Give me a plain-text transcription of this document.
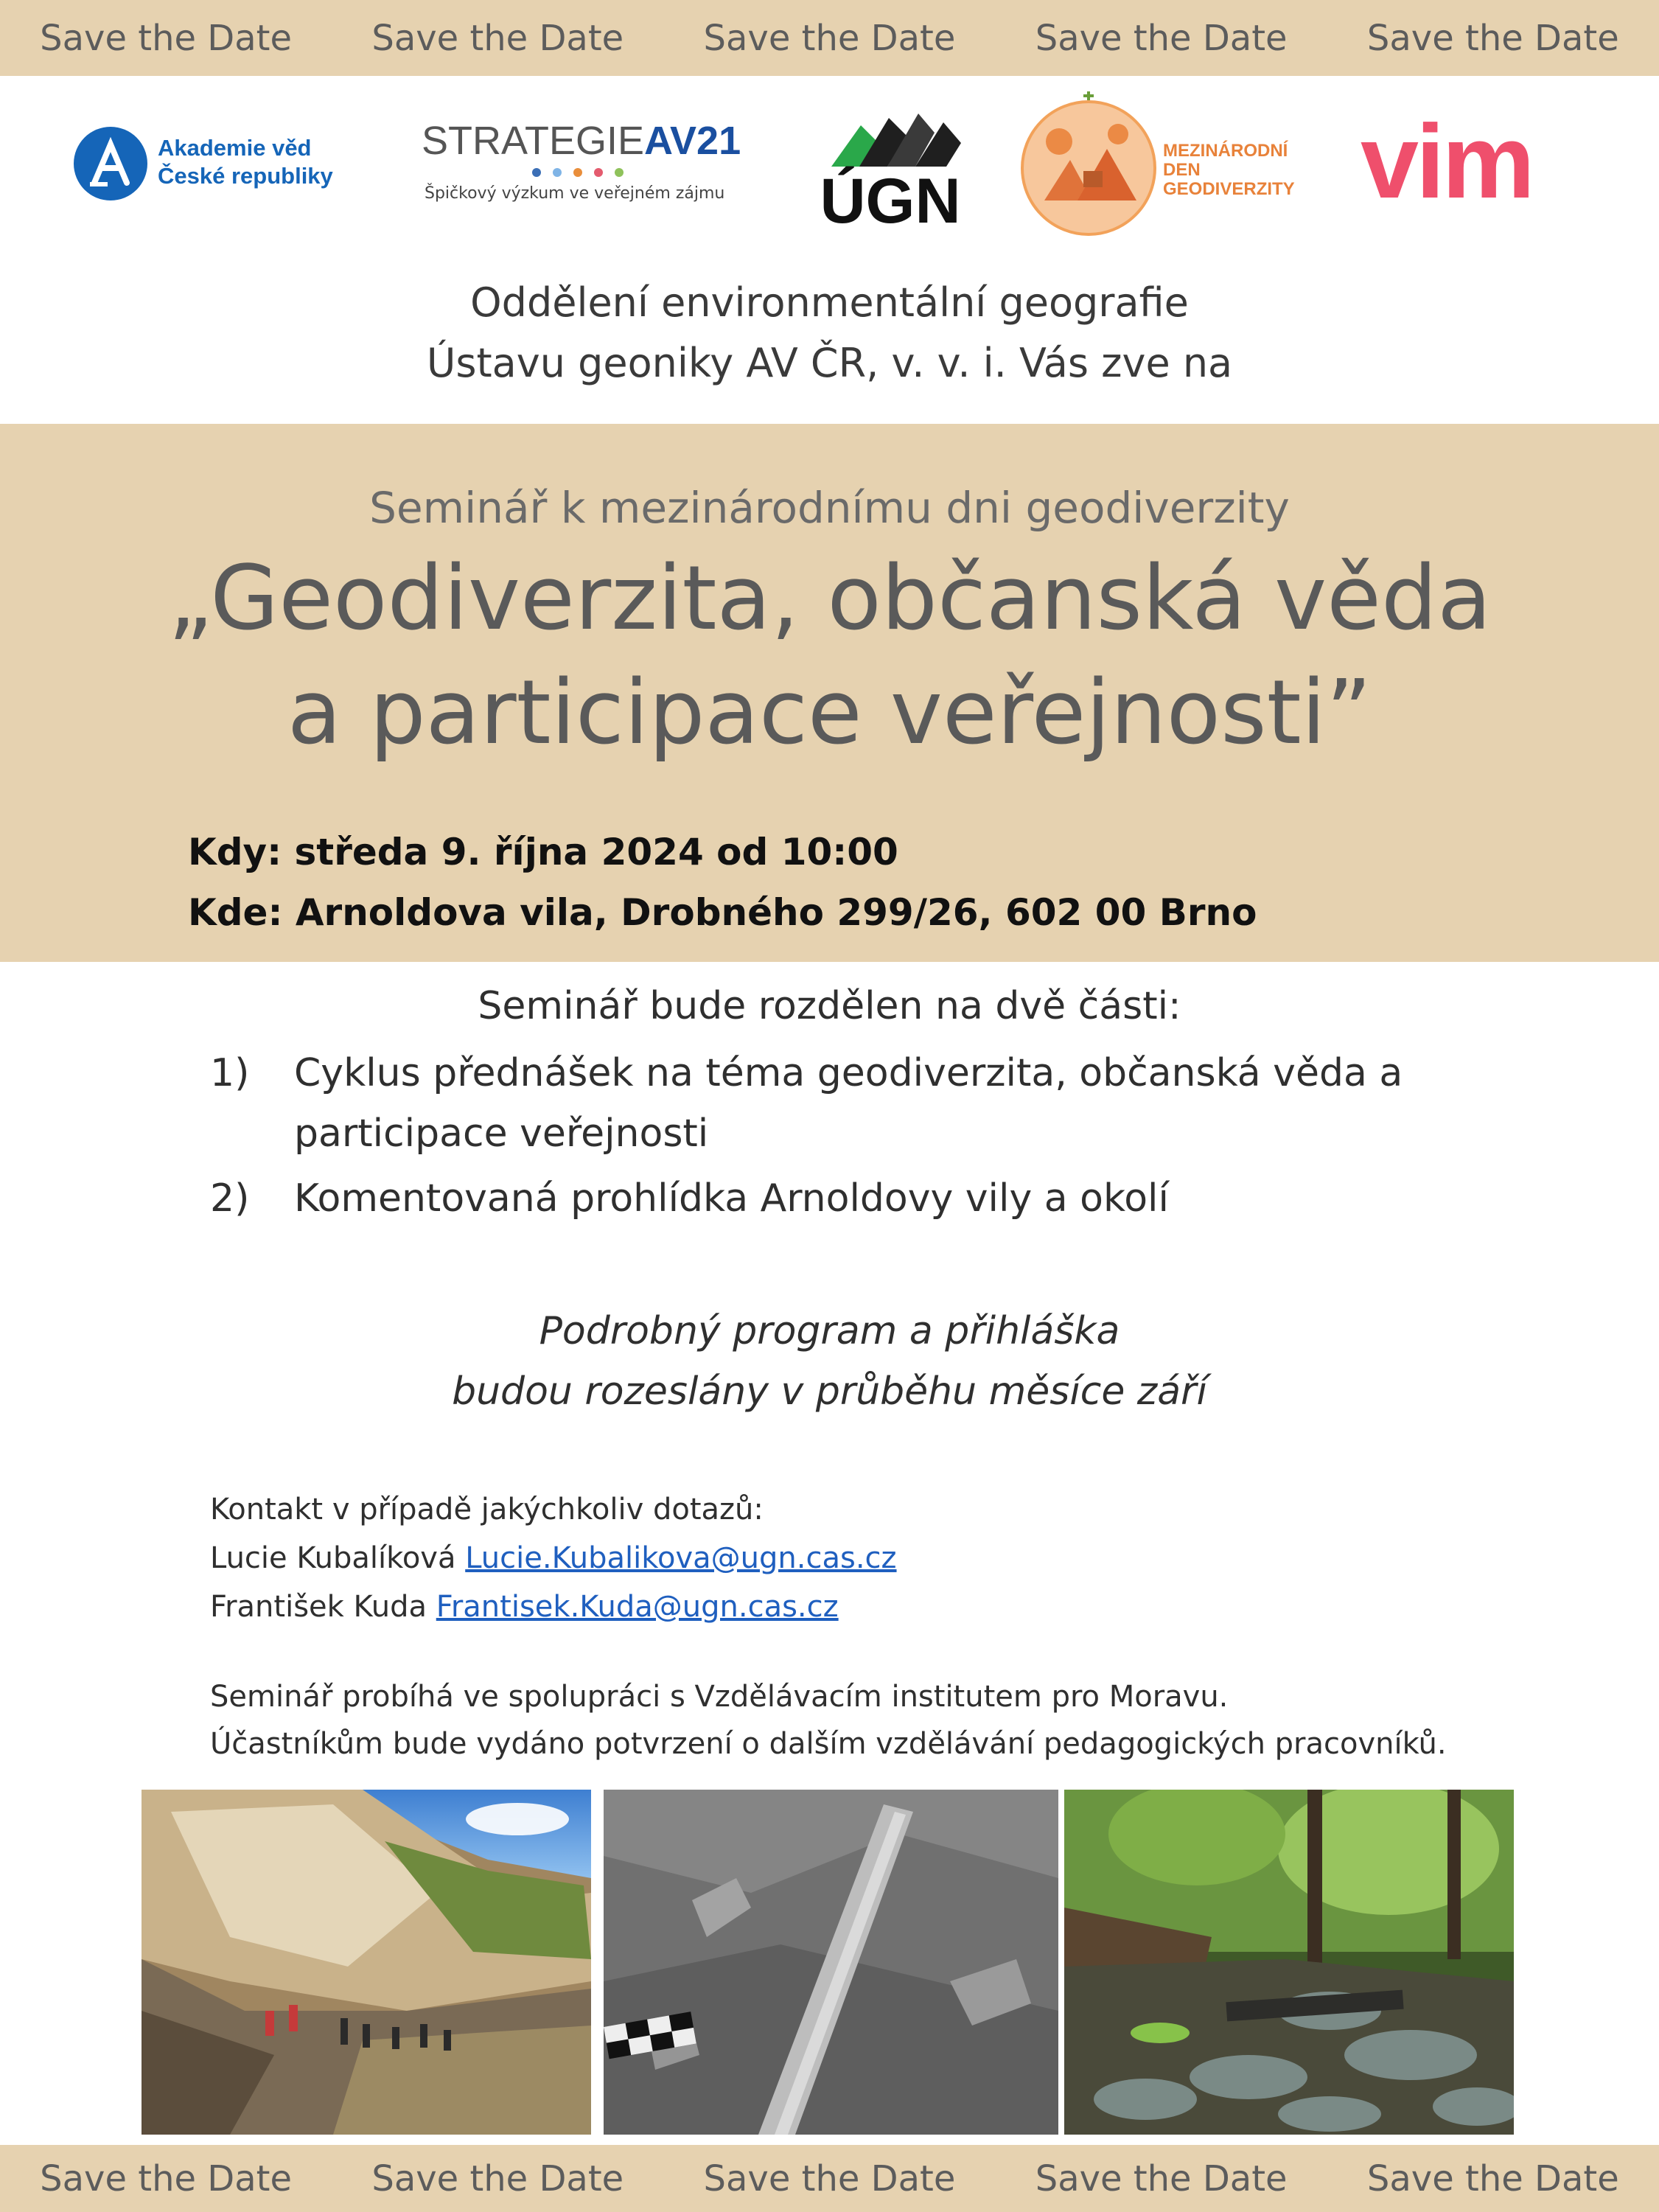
Save the Date Save the Date Save the Date Save the Date Save the Date
Akademie věd
České republiky
STRATEGIEAV21
Špičkový výzkum ve veřejném zájmu ÚGN
MEZINÁRODNÍ
DEN
GEODIVERZITY vim
Oddělení environmentální geografie
Ústavu geoniky AV ČR, v. v. i. Vás zve na
Seminář k mezinárodnímu dni geodiverzity
„Geodiverzita, občanská věda
a participace veřejnosti”
Kdy: středa 9. října 2024 od 10:00
Kde: Arnoldova vila, Drobného 299/26, 602 00 Brno
Seminář bude rozdělen na dvě části:
1)	Cyklus přednášek na téma geodiverzita, občanská věda a participace veřejnosti
2)	Komentovaná prohlídka Arnoldovy vily a okolí
Podrobný program a přihláška
budou rozeslány v průběhu měsíce září
Kontakt v případě jakýchkoliv dotazů:
Lucie Kubalíková Lucie.Kubalikova@ugn.cas.cz
František Kuda Frantisek.Kuda@ugn.cas.cz
Seminář probíhá ve spolupráci s Vzdělávacím institutem pro Moravu.
Účastníkům bude vydáno potvrzení o dalším vzdělávání pedagogických pracovníků.
Save the Date Save the Date Save the Date Save the Date Save the Date
